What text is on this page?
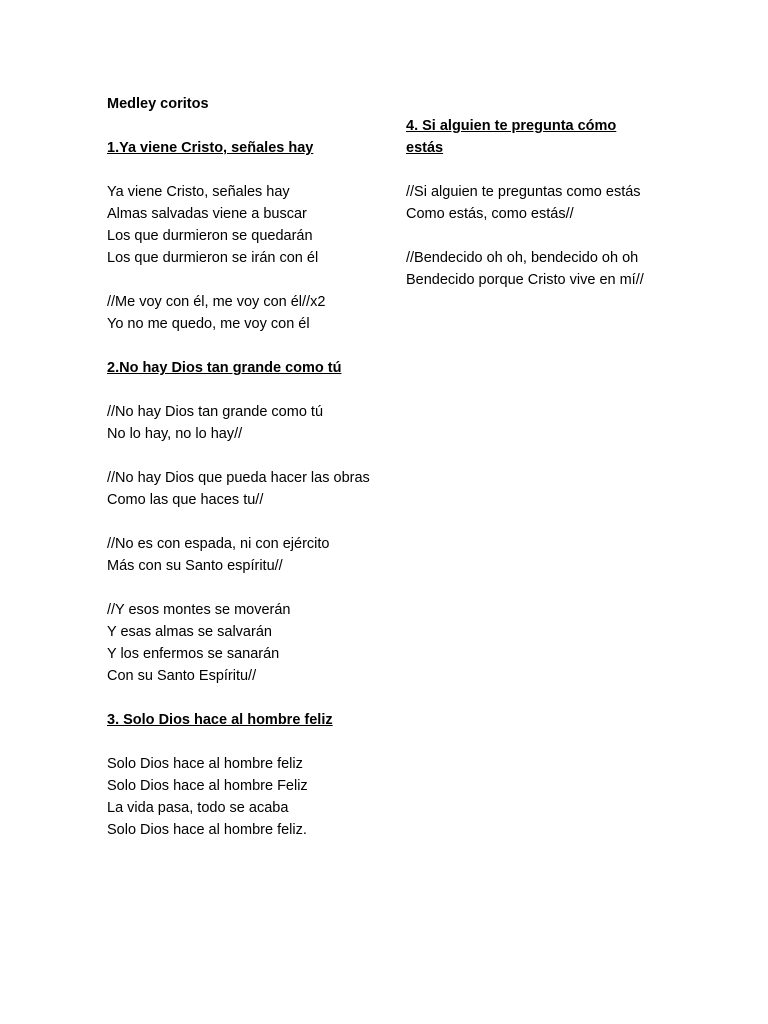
Medley coritos
1.Ya viene Cristo, señales hay
Ya viene Cristo, señales hay
Almas salvadas viene a buscar
Los que durmieron se quedarán
Los que durmieron se irán con él
//Me voy con él, me voy con él//x2
Yo no me quedo, me voy con él
2.No hay Dios tan grande como tú
//No hay Dios tan grande como tú
No lo hay, no lo hay//
//No hay Dios que pueda hacer las obras
Como las que haces tu//
//No es con espada, ni con ejército
Más con su Santo espíritu//
//Y esos montes se moverán
Y esas almas se salvarán
Y los enfermos se sanarán
Con su Santo Espíritu//
3. Solo Dios hace al hombre feliz
Solo Dios hace al hombre feliz
Solo Dios hace al hombre Feliz
La vida pasa, todo se acaba
Solo Dios hace al hombre feliz.
4. Si alguien te pregunta cómo estás
//Si alguien te preguntas como estás
Como estás, como estás//
//Bendecido oh oh, bendecido oh oh
Bendecido porque Cristo vive en mí//
